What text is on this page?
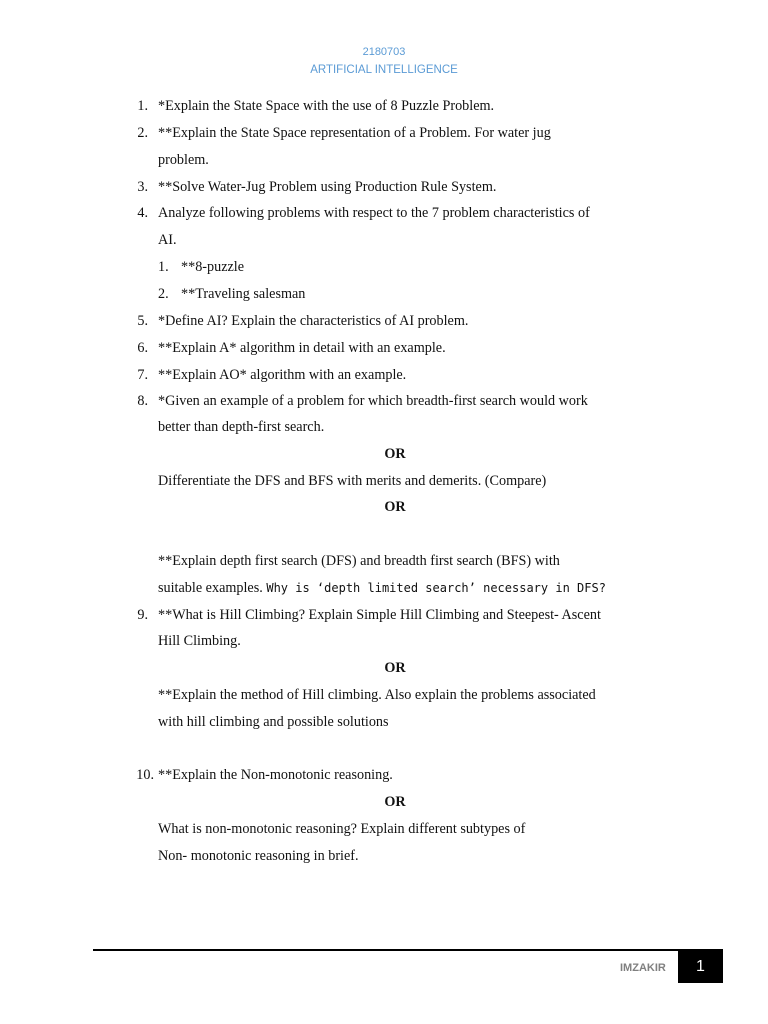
2180703
ARTIFICIAL INTELLIGENCE
1. *Explain the State Space with the use of 8 Puzzle Problem.
2. **Explain the State Space representation of a Problem. For water jug
problem.
3. **Solve Water-Jug Problem using Production Rule System.
4. Analyze following problems with respect to the 7 problem characteristics of
AI.
1. **8-puzzle
2. **Traveling salesman
5. *Define AI? Explain the characteristics of AI problem.
6. **Explain A* algorithm in detail with an example.
7. **Explain AO* algorithm with an example.
8. *Given an example of a problem for which breadth-first search would work
better than depth-first search.
OR
Differentiate the DFS and BFS with merits and demerits. (Compare)
OR
**Explain depth first search (DFS) and breadth first search (BFS) with
suitable examples. Why is ‘depth limited search’ necessary in DFS?
9. **What is Hill Climbing? Explain Simple Hill Climbing and Steepest- Ascent
Hill Climbing.
OR
**Explain the method of Hill climbing. Also explain the problems associated
with hill climbing and possible solutions
10. **Explain the Non-monotonic reasoning.
OR
What is non-monotonic reasoning? Explain different subtypes of
Non- monotonic reasoning in brief.
IMZAKIR	1
